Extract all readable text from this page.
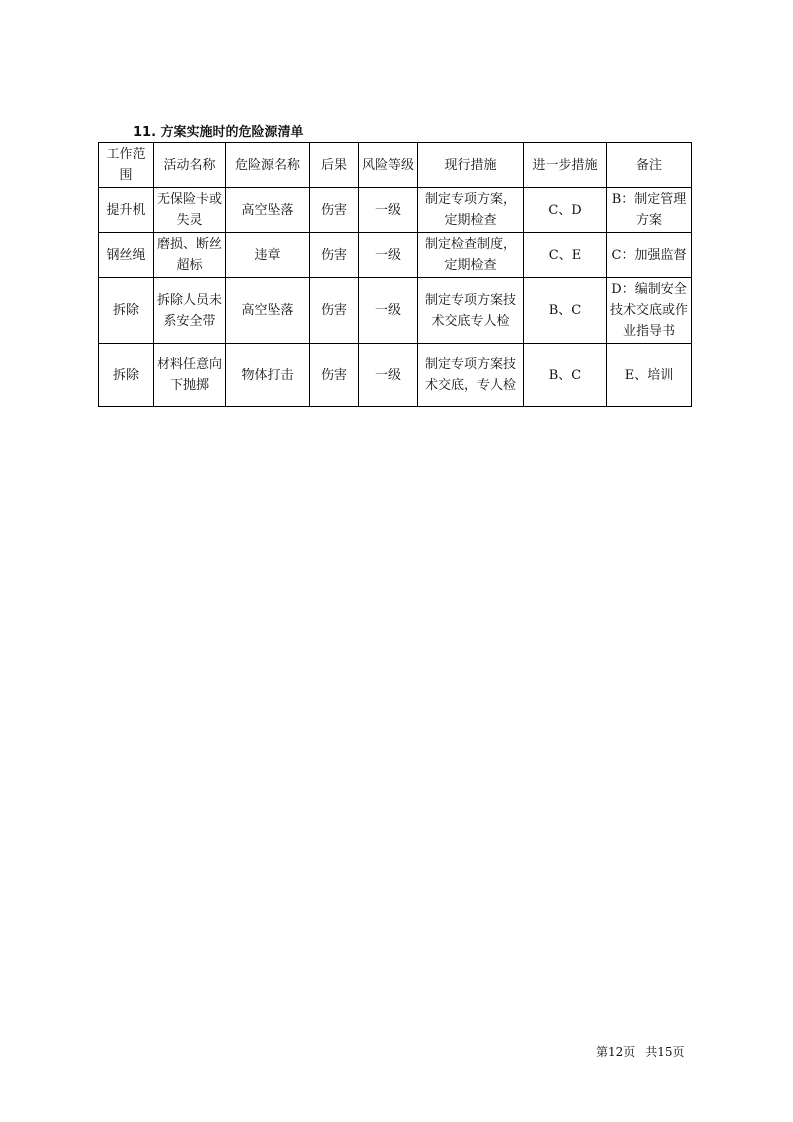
11. 方案实施时的危险源清单
工作范围	活动名称	危险源名称	后果	风险等级	现行措施	进一步措施	备注
提升机	无保险卡或失灵	高空坠落	伤害	一级	制定专项方案，定期检查	C、D	B：制定管理方案
钢丝绳	磨损、断丝超标	违章	伤害	一级	制定检查制度，定期检查	C、E	C：加强监督
拆除	拆除人员未系安全带	高空坠落	伤害	一级	制定专项方案技术交底专人检	B、C	D：编制安全技术交底或作业指导书
拆除	材料任意向下抛掷	物体打击	伤害	一级	制定专项方案技术交底，专人检	B、C	E、培训
第12页 共15页
